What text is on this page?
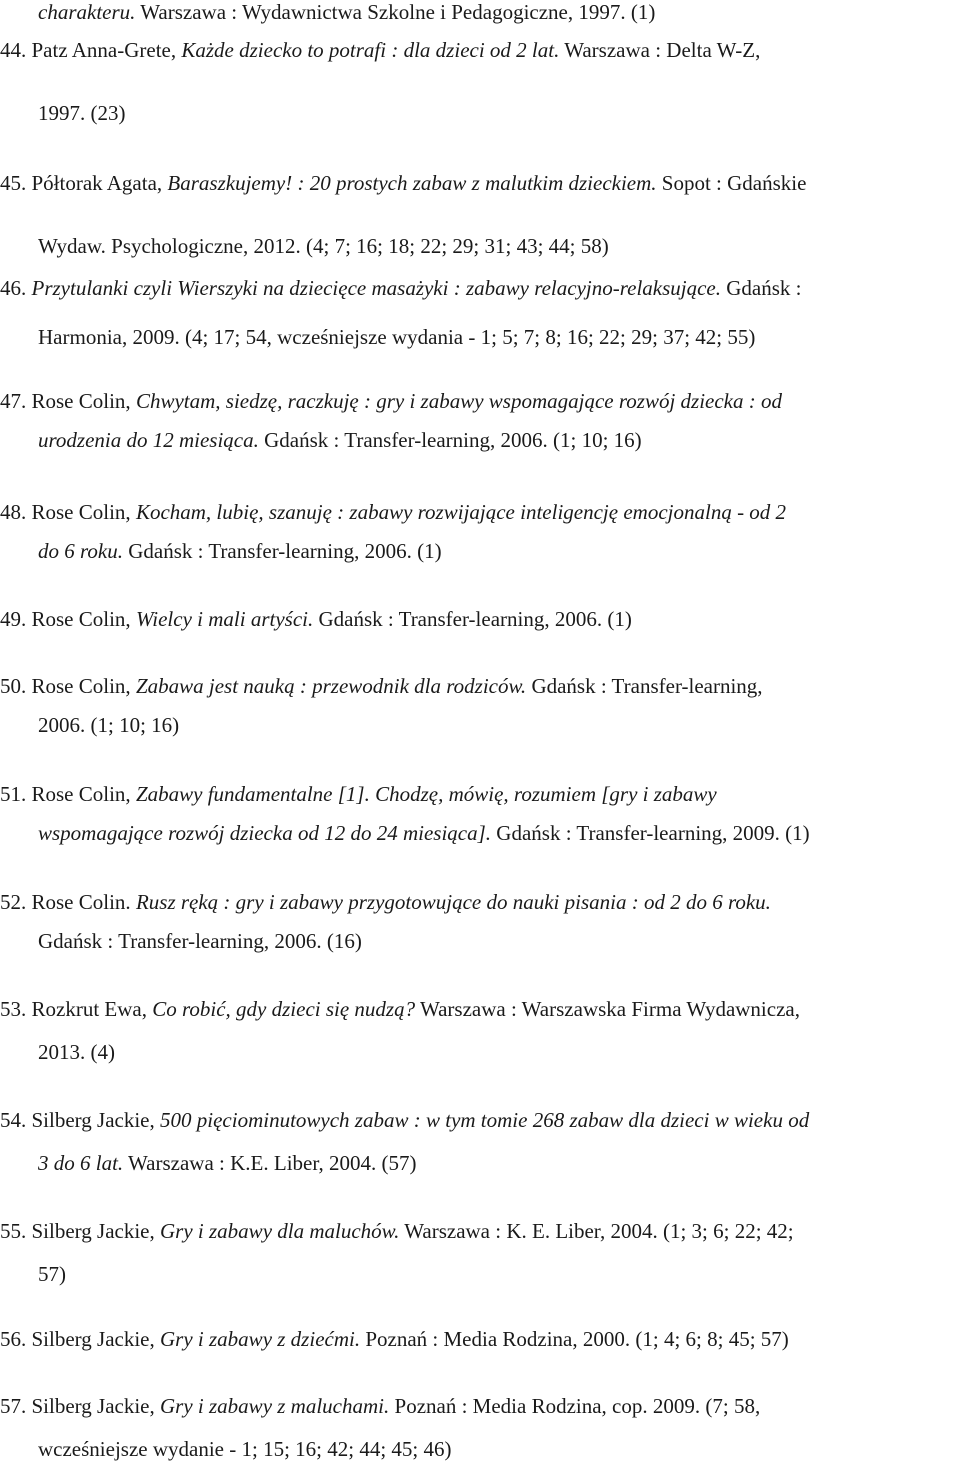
charakteru. Warszawa : Wydawnictwa Szkolne i Pedagogiczne, 1997. (1)
44. Patz Anna-Grete, Każde dziecko to potrafi : dla dzieci od 2 lat. Warszawa : Delta W-Z,
1997. (23)
45. Półtorak Agata, Baraszkujemy! : 20 prostych zabaw z malutkim dzieckiem. Sopot : Gdańskie
Wydaw. Psychologiczne, 2012. (4; 7; 16; 18; 22; 29; 31; 43; 44; 58)
46. Przytulanki czyli Wierszyki na dziecięce masażyki : zabawy relacyjno-relaksujące. Gdańsk :
Harmonia, 2009. (4; 17; 54, wcześniejsze wydania - 1; 5; 7; 8; 16; 22; 29; 37; 42; 55)
47. Rose Colin, Chwytam, siedzę, raczkuję : gry i zabawy wspomagające rozwój dziecka : od
urodzenia do 12 miesiąca. Gdańsk : Transfer-learning, 2006. (1; 10; 16)
48. Rose Colin, Kocham, lubię, szanuję : zabawy rozwijające inteligencję emocjonalną - od 2
do 6 roku. Gdańsk : Transfer-learning, 2006. (1)
49. Rose Colin, Wielcy i mali artyści. Gdańsk : Transfer-learning, 2006. (1)
50. Rose Colin, Zabawa jest nauką : przewodnik dla rodziców. Gdańsk : Transfer-learning,
2006. (1; 10; 16)
51. Rose Colin, Zabawy fundamentalne [1]. Chodzę, mówię, rozumiem [gry i zabawy
wspomagające rozwój dziecka od 12 do 24 miesiąca]. Gdańsk : Transfer-learning, 2009. (1)
52. Rose Colin. Rusz ręką : gry i zabawy przygotowujące do nauki pisania : od 2 do 6 roku.
Gdańsk : Transfer-learning, 2006. (16)
53. Rozkrut Ewa, Co robić, gdy dzieci się nudzą? Warszawa : Warszawska Firma Wydawnicza,
2013. (4)
54. Silberg Jackie, 500 pięciominutowych zabaw : w tym tomie 268 zabaw dla dzieci w wieku od
3 do 6 lat. Warszawa : K.E. Liber, 2004. (57)
55. Silberg Jackie, Gry i zabawy dla maluchów. Warszawa : K. E. Liber, 2004. (1; 3; 6; 22; 42;
57)
56. Silberg Jackie, Gry i zabawy z dziećmi. Poznań : Media Rodzina, 2000. (1; 4; 6; 8; 45; 57)
57. Silberg Jackie, Gry i zabawy z maluchami. Poznań : Media Rodzina, cop. 2009. (7; 58,
wcześniejsze wydanie - 1; 15; 16; 42; 44; 45; 46)
